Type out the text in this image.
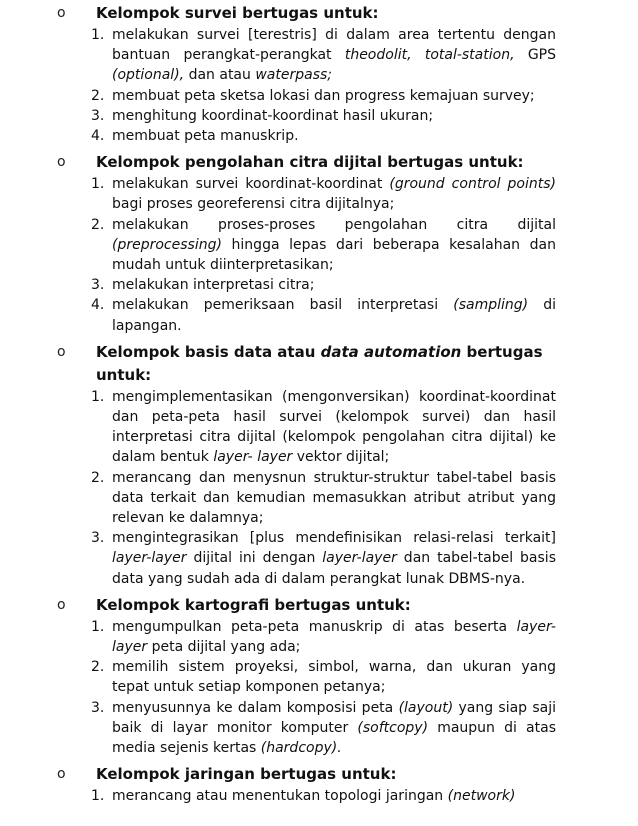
o Kelompok survei bertugas untuk:
1. melakukan survei [terestris] di dalam area tertentu dengan bantuan perangkat-perangkat theodolit, total-station, GPS (optional), dan atau waterpass;
2. membuat peta sketsa lokasi dan progress kemajuan survey;
3. menghitung koordinat-koordinat hasil ukuran;
4. membuat peta manuskrip.
o Kelompok pengolahan citra dijital bertugas untuk:
1. melakukan survei koordinat-koordinat (ground control points) bagi proses georeferensi citra dijitalnya;
2. melakukan proses-proses pengolahan citra dijital (preprocessing) hingga lepas dari beberapa kesalahan dan mudah untuk diinterpretasikan;
3. melakukan interpretasi citra;
4. melakukan pemeriksaan basil interpretasi (sampling) di lapangan.
o Kelompok basis data atau data automation bertugas untuk:
1. mengimplementasikan (mengonversikan) koordinat-koordinat dan peta-peta hasil survei (kelompok survei) dan hasil interpretasi citra dijital (kelompok pengolahan citra dijital) ke dalam bentuk layer- layer vektor dijital;
2. merancang dan menysnun struktur-struktur tabel-tabel basis data terkait dan kemudian memasukkan atribut atribut yang relevan ke dalamnya;
3. mengintegrasikan [plus mendefinisikan relasi-relasi terkait] layer-layer dijital ini dengan layer-layer dan tabel-tabel basis data yang sudah ada di dalam perangkat lunak DBMS-nya.
o Kelompok kartografi bertugas untuk:
1. mengumpulkan peta-peta manuskrip di atas beserta layer-layer peta dijital yang ada;
2. memilih sistem proyeksi, simbol, warna, dan ukuran yang tepat untuk setiap komponen petanya;
3. menyusunnya ke dalam komposisi peta (layout) yang siap saji baik di layar monitor komputer (softcopy) maupun di atas media sejenis kertas (hardcopy).
o Kelompok jaringan bertugas untuk:
1. merancang atau menentukan topologi jaringan (network)
